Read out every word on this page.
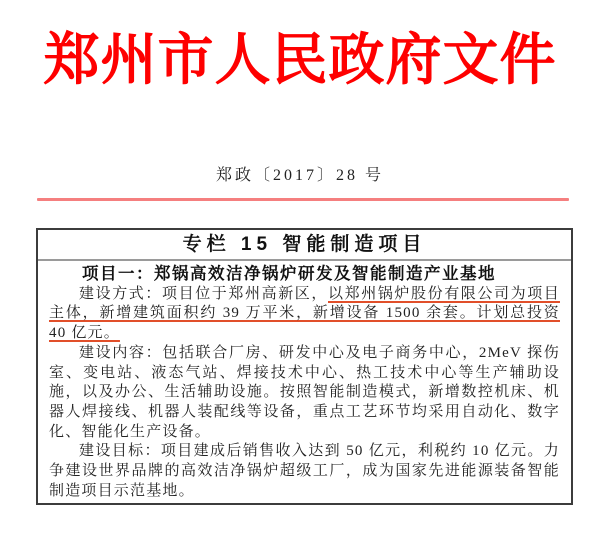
郑州市人民政府文件
郑政〔2017〕28 号
专栏 15 智能制造项目
项目一：郑锅高效洁净锅炉研发及智能制造产业基地

建设方式：项目位于郑州高新区，以郑州锅炉股份有限公司为项目主体，新增建筑面积约 39 万平米，新增设备 1500 余套。计划总投资 40 亿元。

建设内容：包括联合厂房、研发中心及电子商务中心，2MeV 探伤室、变电站、液态气站、焊接技术中心、热工技术中心等生产辅助设施，以及办公、生活辅助设施。按照智能制造模式，新增数控机床、机器人焊接线、机器人装配线等设备，重点工艺环节均采用自动化、数字化、智能化生产设备。

建设目标：项目建成后销售收入达到 50 亿元，利税约 10 亿元。力争建设世界品牌的高效洁净锅炉超级工厂，成为国家先进能源装备智能制造项目示范基地。
